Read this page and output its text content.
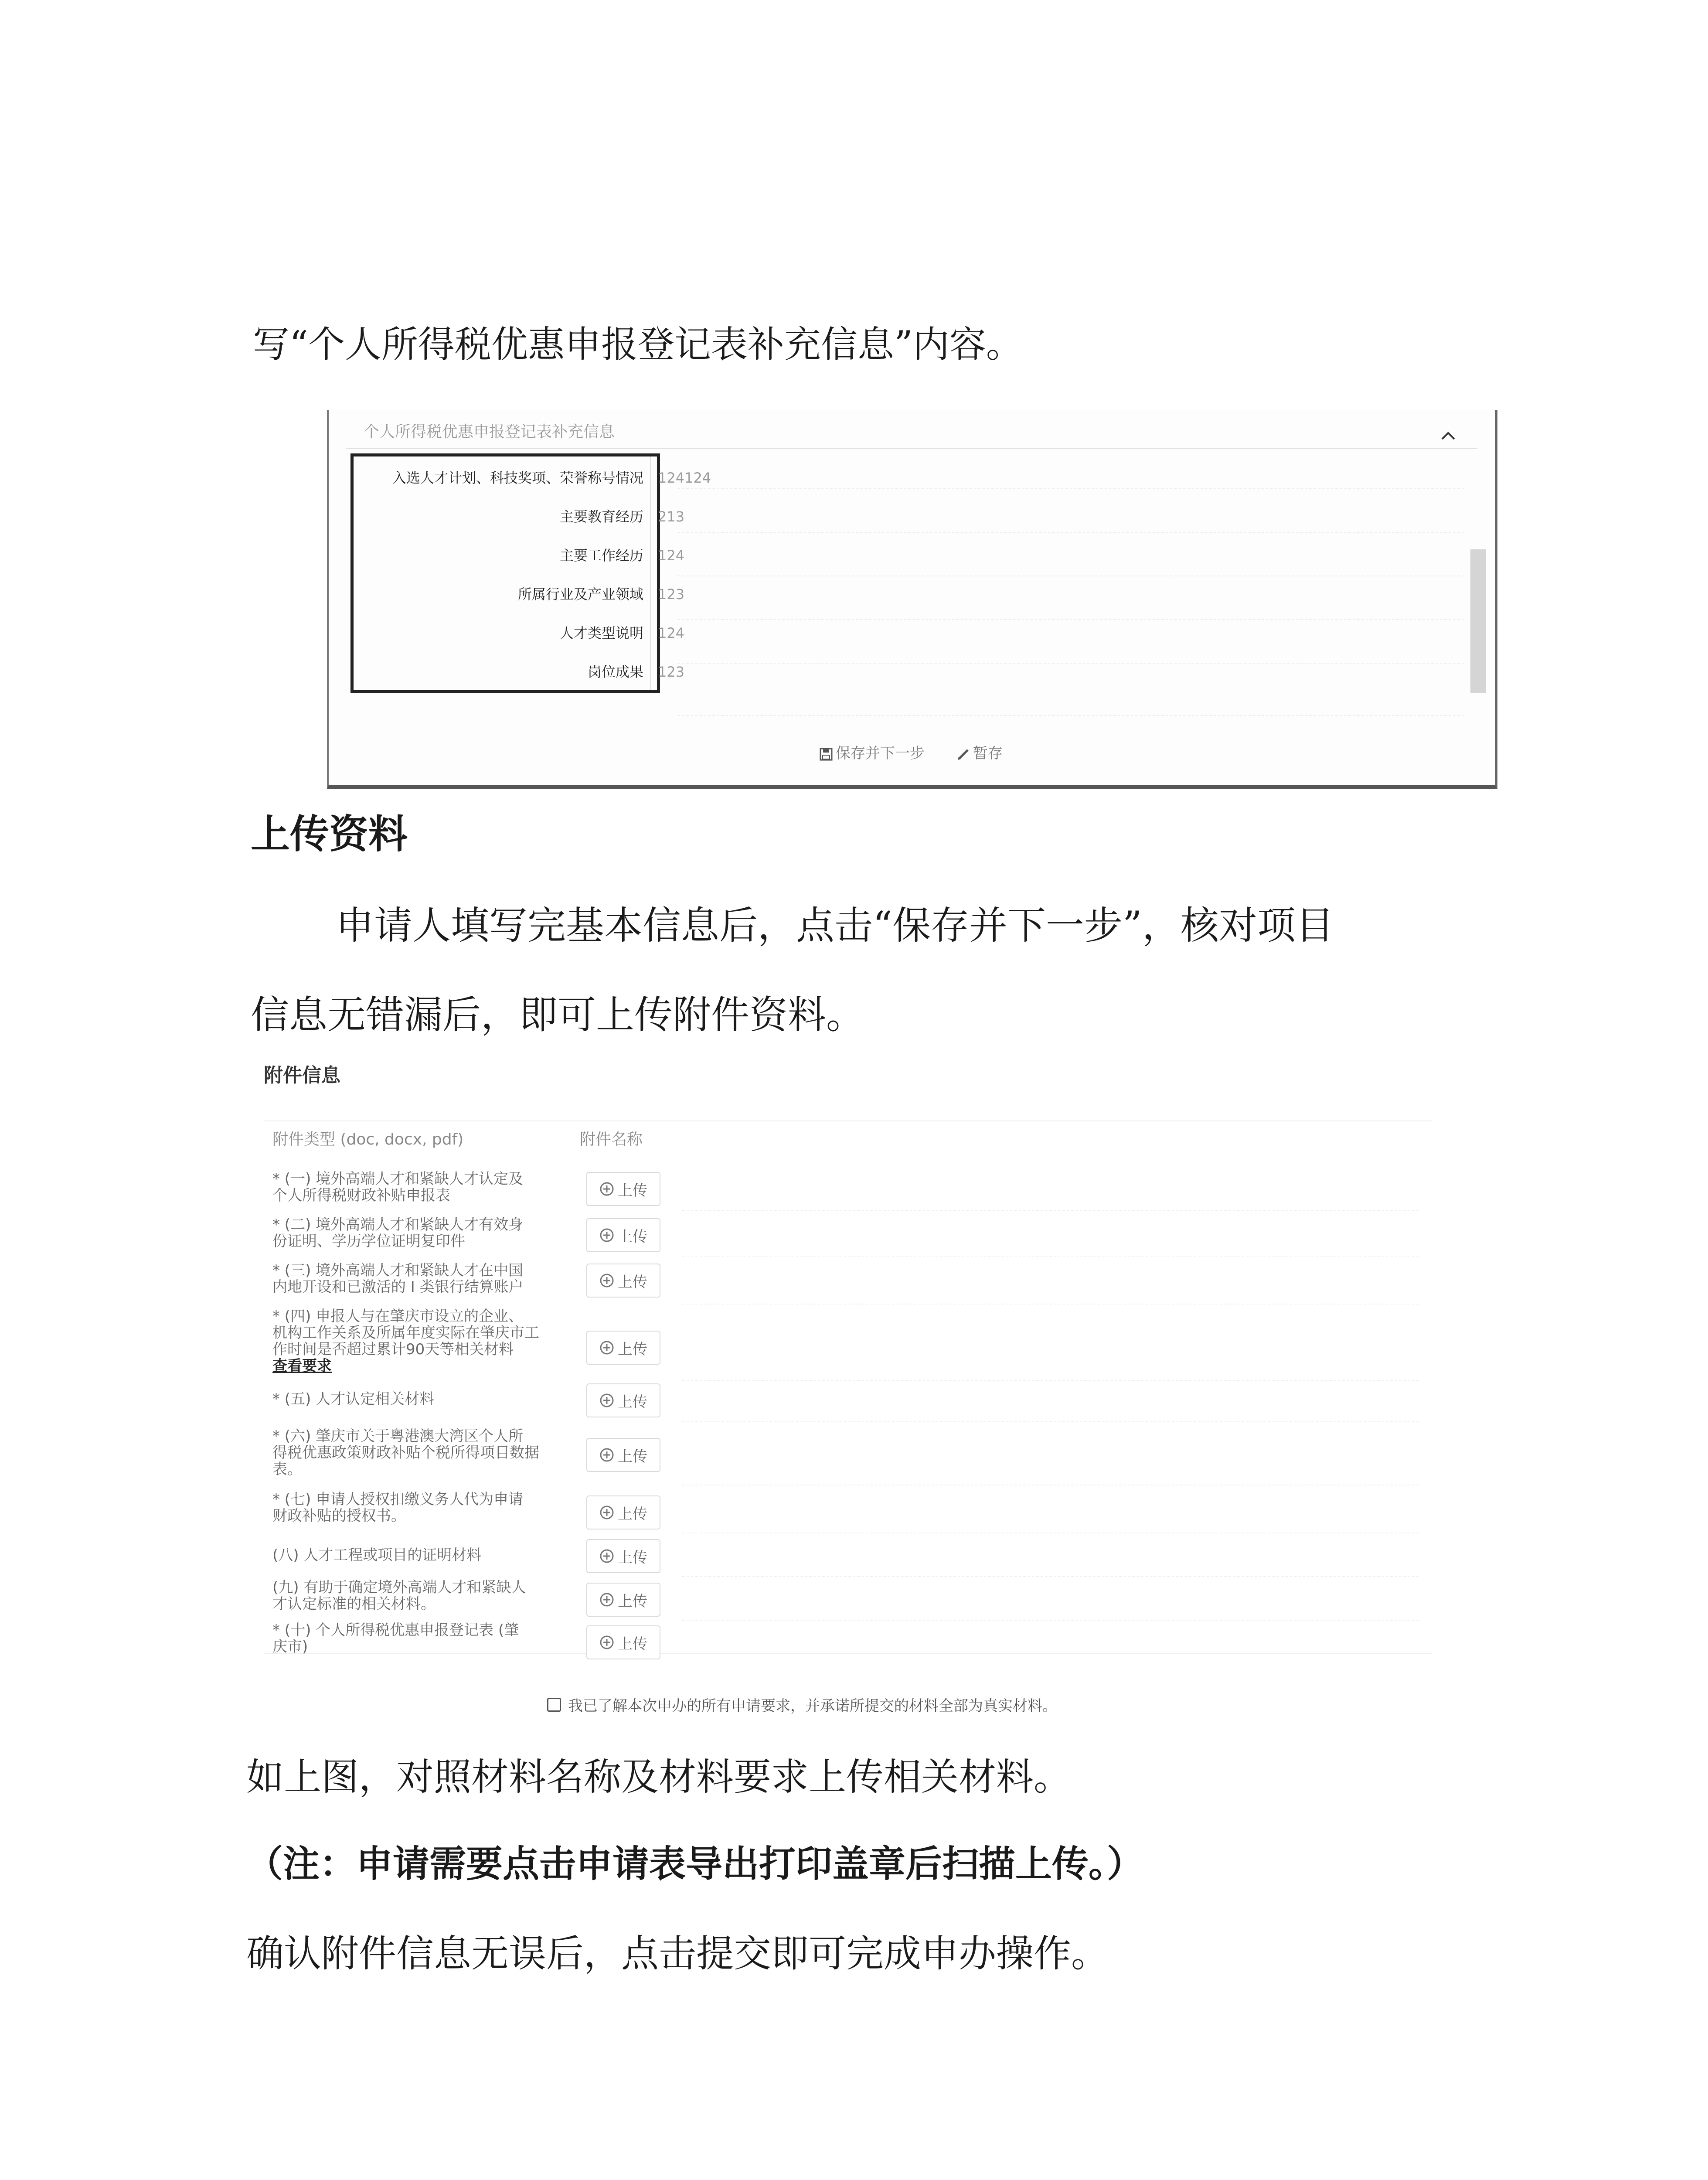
写“个人所得税优惠申报登记表补充信息”内容。
个人所得税优惠申报登记表补充信息
入选人才计划、科技奖项、荣誉称号情况 124124
主要教育经历 213
主要工作经历 124
所属行业及产业领域 123
人才类型说明 124
岗位成果 123
保存并下一步	暂存
上传资料
申请人填写完基本信息后，点击“保存并下一步”，核对项目
信息无错漏后，即可上传附件资料。
附件信息
附件类型 (doc, docx, pdf)	附件名称
* (一) 境外高端人才和紧缺人才认定及
个人所得税财政补贴申报表	上传
* (二) 境外高端人才和紧缺人才有效身
份证明、学历学位证明复印件	上传
* (三) 境外高端人才和紧缺人才在中国
内地开设和已激活的 I 类银行结算账户	上传
* (四) 申报人与在肇庆市设立的企业、
机构工作关系及所属年度实际在肇庆市工
作时间是否超过累计90天等相关材料
查看要求
上传
* (五) 人才认定相关材料	上传
* (六) 肇庆市关于粤港澳大湾区个人所
得税优惠政策财政补贴个税所得项目数据
表。
上传
* (七) 申请人授权扣缴义务人代为申请
财政补贴的授权书。	上传
(八) 人才工程或项目的证明材料	上传
(九) 有助于确定境外高端人才和紧缺人
才认定标准的相关材料。	上传
* (十) 个人所得税优惠申报登记表 (肇
庆市)	上传
我已了解本次申办的所有申请要求，并承诺所提交的材料全部为真实材料。
如上图，对照材料名称及材料要求上传相关材料。
（注：申请需要点击申请表导出打印盖章后扫描上传。）
确认附件信息无误后，点击提交即可完成申办操作。
